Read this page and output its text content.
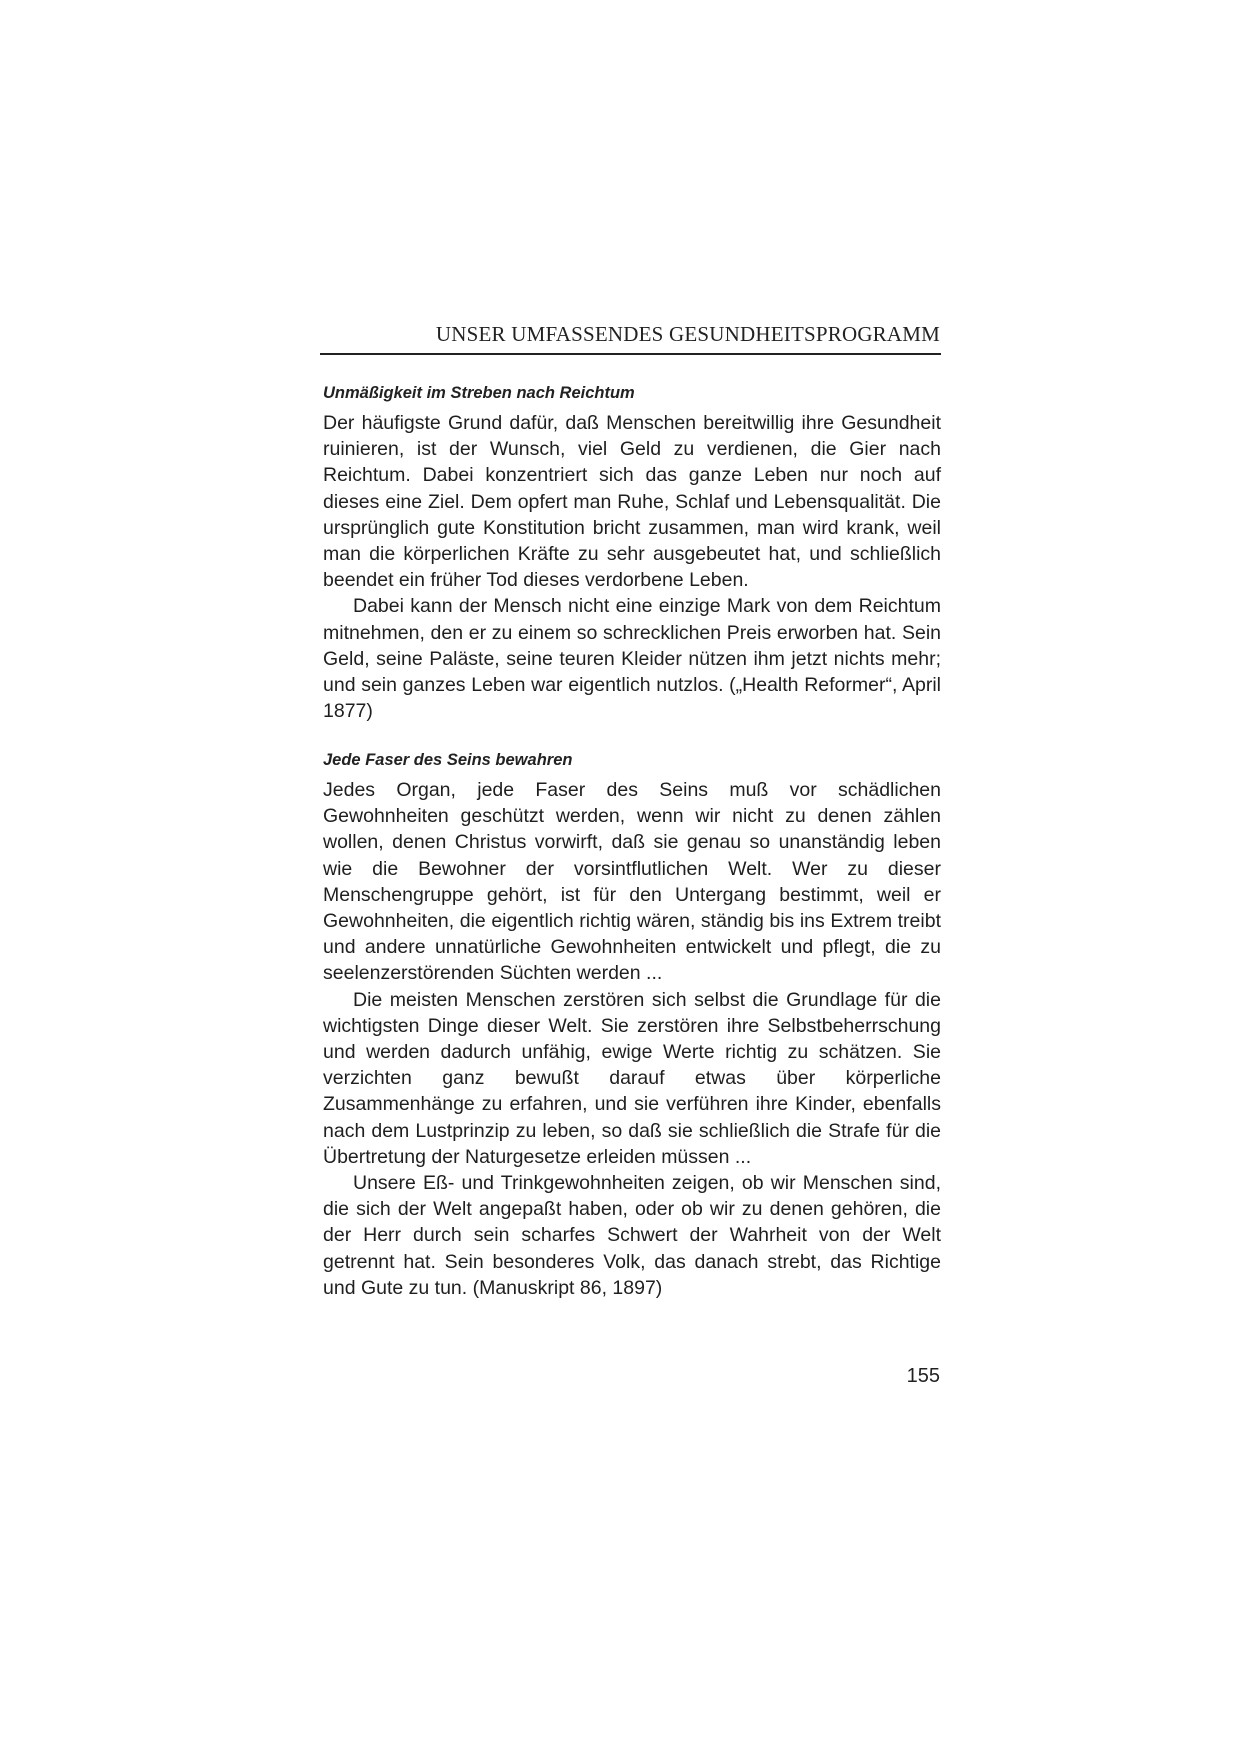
UNSER UMFASSENDES GESUNDHEITSPROGRAMM
Unmäßigkeit im Streben nach Reichtum

Der häufigste Grund dafür, daß Menschen bereitwillig ihre Gesundheit ruinieren, ist der Wunsch, viel Geld zu verdienen, die Gier nach Reichtum. Dabei konzentriert sich das ganze Leben nur noch auf dieses eine Ziel. Dem opfert man Ruhe, Schlaf und Lebensqualität. Die ursprünglich gute Konstitution bricht zusammen, man wird krank, weil man die körperlichen Kräfte zu sehr ausgebeutet hat, und schließlich beendet ein früher Tod dieses verdorbene Leben.

Dabei kann der Mensch nicht eine einzige Mark von dem Reichtum mitnehmen, den er zu einem so schrecklichen Preis erworben hat. Sein Geld, seine Paläste, seine teuren Kleider nützen ihm jetzt nichts mehr; und sein ganzes Leben war eigentlich nutzlos. („Health Reformer“, April 1877)

Jede Faser des Seins bewahren

Jedes Organ, jede Faser des Seins muß vor schädlichen Gewohnheiten geschützt werden, wenn wir nicht zu denen zählen wollen, denen Christus vorwirft, daß sie genau so unanständig leben wie die Bewohner der vorsintflutlichen Welt. Wer zu dieser Menschengruppe gehört, ist für den Untergang bestimmt, weil er Gewohnheiten, die eigentlich richtig wären, ständig bis ins Extrem treibt und andere unnatürliche Gewohnheiten entwickelt und pflegt, die zu seelenzerstörenden Süchten werden ...

Die meisten Menschen zerstören sich selbst die Grundlage für die wichtigsten Dinge dieser Welt. Sie zerstören ihre Selbstbeherrschung und werden dadurch unfähig, ewige Werte richtig zu schätzen. Sie verzichten ganz bewußt darauf etwas über körperliche Zusammenhänge zu erfahren, und sie verführen ihre Kinder, ebenfalls nach dem Lustprinzip zu leben, so daß sie schließlich die Strafe für die Übertretung der Naturgesetze erleiden müssen ...

Unsere Eß- und Trinkgewohnheiten zeigen, ob wir Menschen sind, die sich der Welt angepaßt haben, oder ob wir zu denen gehören, die der Herr durch sein scharfes Schwert der Wahrheit von der Welt getrennt hat. Sein besonderes Volk, das danach strebt, das Richtige und Gute zu tun. (Manuskript 86, 1897)

155
